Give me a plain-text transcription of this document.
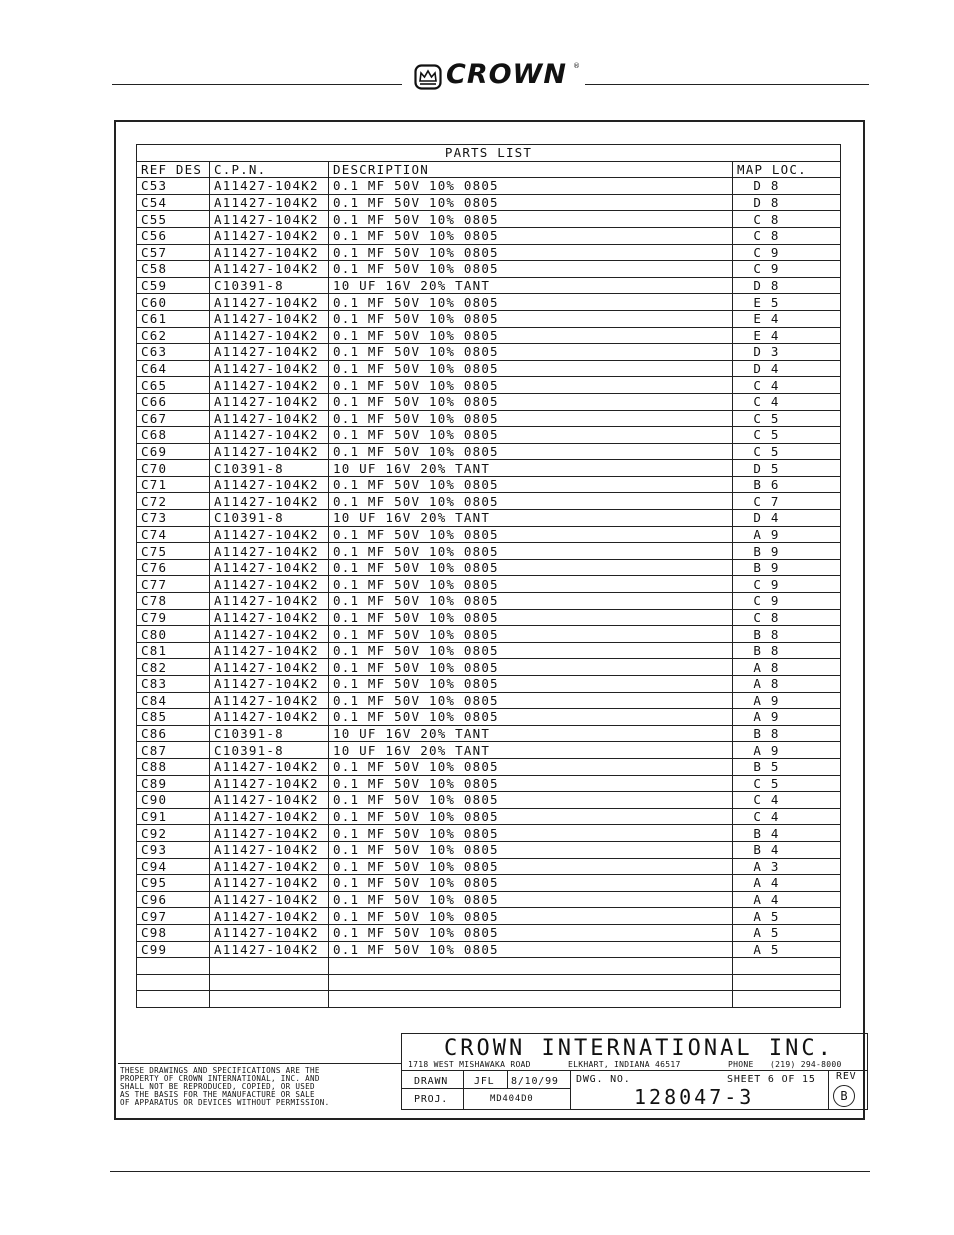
CROWN ®
PARTS LIST			
REF DES	C.P.N.	DESCRIPTION	MAP LOC.
C53	A11427-104K2	0.1 MF 50V 10% 0805	D 8
C54	A11427-104K2	0.1 MF 50V 10% 0805	D 8
C55	A11427-104K2	0.1 MF 50V 10% 0805	C 8
C56	A11427-104K2	0.1 MF 50V 10% 0805	C 8
C57	A11427-104K2	0.1 MF 50V 10% 0805	C 9
C58	A11427-104K2	0.1 MF 50V 10% 0805	C 9
C59	C10391-8	10 UF 16V 20% TANT	D 8
C60	A11427-104K2	0.1 MF 50V 10% 0805	E 5
C61	A11427-104K2	0.1 MF 50V 10% 0805	E 4
C62	A11427-104K2	0.1 MF 50V 10% 0805	E 4
C63	A11427-104K2	0.1 MF 50V 10% 0805	D 3
C64	A11427-104K2	0.1 MF 50V 10% 0805	D 4
C65	A11427-104K2	0.1 MF 50V 10% 0805	C 4
C66	A11427-104K2	0.1 MF 50V 10% 0805	C 4
C67	A11427-104K2	0.1 MF 50V 10% 0805	C 5
C68	A11427-104K2	0.1 MF 50V 10% 0805	C 5
C69	A11427-104K2	0.1 MF 50V 10% 0805	C 5
C70	C10391-8	10 UF 16V 20% TANT	D 5
C71	A11427-104K2	0.1 MF 50V 10% 0805	B 6
C72	A11427-104K2	0.1 MF 50V 10% 0805	C 7
C73	C10391-8	10 UF 16V 20% TANT	D 4
C74	A11427-104K2	0.1 MF 50V 10% 0805	A 9
C75	A11427-104K2	0.1 MF 50V 10% 0805	B 9
C76	A11427-104K2	0.1 MF 50V 10% 0805	B 9
C77	A11427-104K2	0.1 MF 50V 10% 0805	C 9
C78	A11427-104K2	0.1 MF 50V 10% 0805	C 9
C79	A11427-104K2	0.1 MF 50V 10% 0805	C 8
C80	A11427-104K2	0.1 MF 50V 10% 0805	B 8
C81	A11427-104K2	0.1 MF 50V 10% 0805	B 8
C82	A11427-104K2	0.1 MF 50V 10% 0805	A 8
C83	A11427-104K2	0.1 MF 50V 10% 0805	A 8
C84	A11427-104K2	0.1 MF 50V 10% 0805	A 9
C85	A11427-104K2	0.1 MF 50V 10% 0805	A 9
C86	C10391-8	10 UF 16V 20% TANT	B 8
C87	C10391-8	10 UF 16V 20% TANT	A 9
C88	A11427-104K2	0.1 MF 50V 10% 0805	B 5
C89	A11427-104K2	0.1 MF 50V 10% 0805	C 5
C90	A11427-104K2	0.1 MF 50V 10% 0805	C 4
C91	A11427-104K2	0.1 MF 50V 10% 0805	C 4
C92	A11427-104K2	0.1 MF 50V 10% 0805	B 4
C93	A11427-104K2	0.1 MF 50V 10% 0805	B 4
C94	A11427-104K2	0.1 MF 50V 10% 0805	A 3
C95	A11427-104K2	0.1 MF 50V 10% 0805	A 4
C96	A11427-104K2	0.1 MF 50V 10% 0805	A 4
C97	A11427-104K2	0.1 MF 50V 10% 0805	A 5
C98	A11427-104K2	0.1 MF 50V 10% 0805	A 5
C99	A11427-104K2	0.1 MF 50V 10% 0805	A 5

THESE DRAWINGS AND SPECIFICATIONS ARE THE
PROPERTY OF CROWN INTERNATIONAL, INC. AND
SHALL NOT BE REPRODUCED, COPIED, OR USED
AS THE BASIS FOR THE MANUFACTURE OR SALE
OF APPARATUS OR DEVICES WITHOUT PERMISSION.
CROWN INTERNATIONAL INC.
1718 WEST MISHAWAKA ROAD	ELKHART, INDIANA 46517	PHONE (219) 294-8000
DRAWN	JFL 8/10/99 DWG. NO.	SHEET 6 OF 15 REV
PROJ.	MD404D0	128047-3	B
